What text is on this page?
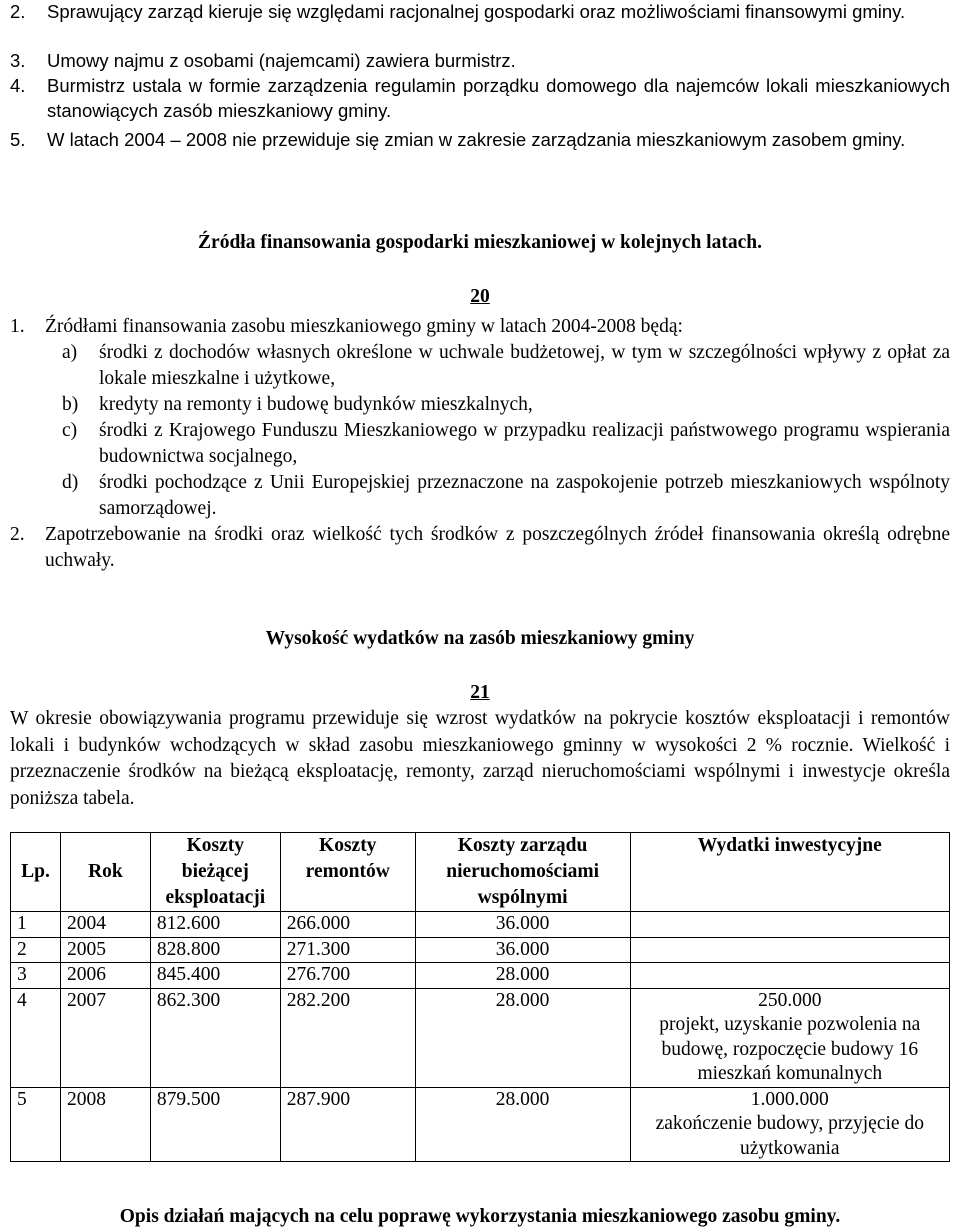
2.	Sprawujący zarząd kieruje się względami racjonalnej gospodarki oraz możliwościami finansowymi gminy.
3.	Umowy najmu z osobami (najemcami) zawiera burmistrz.
4.	Burmistrz ustala w formie zarządzenia regulamin porządku domowego dla najemców lokali mieszkaniowych stanowiących zasób mieszkaniowy gminy.
5.	W latach 2004 – 2008 nie przewiduje się zmian w zakresie zarządzania mieszkaniowym zasobem gminy.
Źródła finansowania gospodarki mieszkaniowej w kolejnych latach.
20
1.	Źródłami finansowania zasobu mieszkaniowego gminy w latach 2004-2008 będą:
a)	środki z dochodów własnych określone w uchwale budżetowej, w tym w szczególności wpływy z opłat za lokale mieszkalne i użytkowe,
b)	kredyty na remonty i budowę budynków mieszkalnych,
c)	środki z Krajowego Funduszu Mieszkaniowego w przypadku realizacji państwowego programu wspierania budownictwa socjalnego,
d)	środki pochodzące z Unii Europejskiej przeznaczone na zaspokojenie potrzeb mieszkaniowych wspólnoty samorządowej.
2.	Zapotrzebowanie na środki oraz wielkość tych środków z poszczególnych źródeł finansowania określą odrębne uchwały.
Wysokość wydatków na zasób mieszkaniowy gminy
21
W okresie obowiązywania programu przewiduje się wzrost wydatków na pokrycie kosztów eksploatacji i remontów lokali i budynków wchodzących w skład zasobu mieszkaniowego gminny w wysokości 2 % rocznie. Wielkość i przeznaczenie środków na bieżącą eksploatację, remonty, zarząd nieruchomościami wspólnymi i inwestycje określa poniższa tabela.
Lp.	Rok	Koszty bieżącej eksploatacji	Koszty remontów	Koszty zarządu nieruchomościami wspólnymi	Wydatki inwestycyjne
1	2004	812.600	266.000	36.000	
2	2005	828.800	271.300	36.000	
3	2006	845.400	276.700	28.000	
4	2007	862.300	282.200	28.000	250.000
projekt, uzyskanie pozwolenia na budowę, rozpoczęcie budowy 16 mieszkań komunalnych

5	2008	879.500	287.900	28.000	1.000.000
zakończenie budowy, przyjęcie do użytkowania
Opis działań mających na celu poprawę wykorzystania mieszkaniowego zasobu gminy.
